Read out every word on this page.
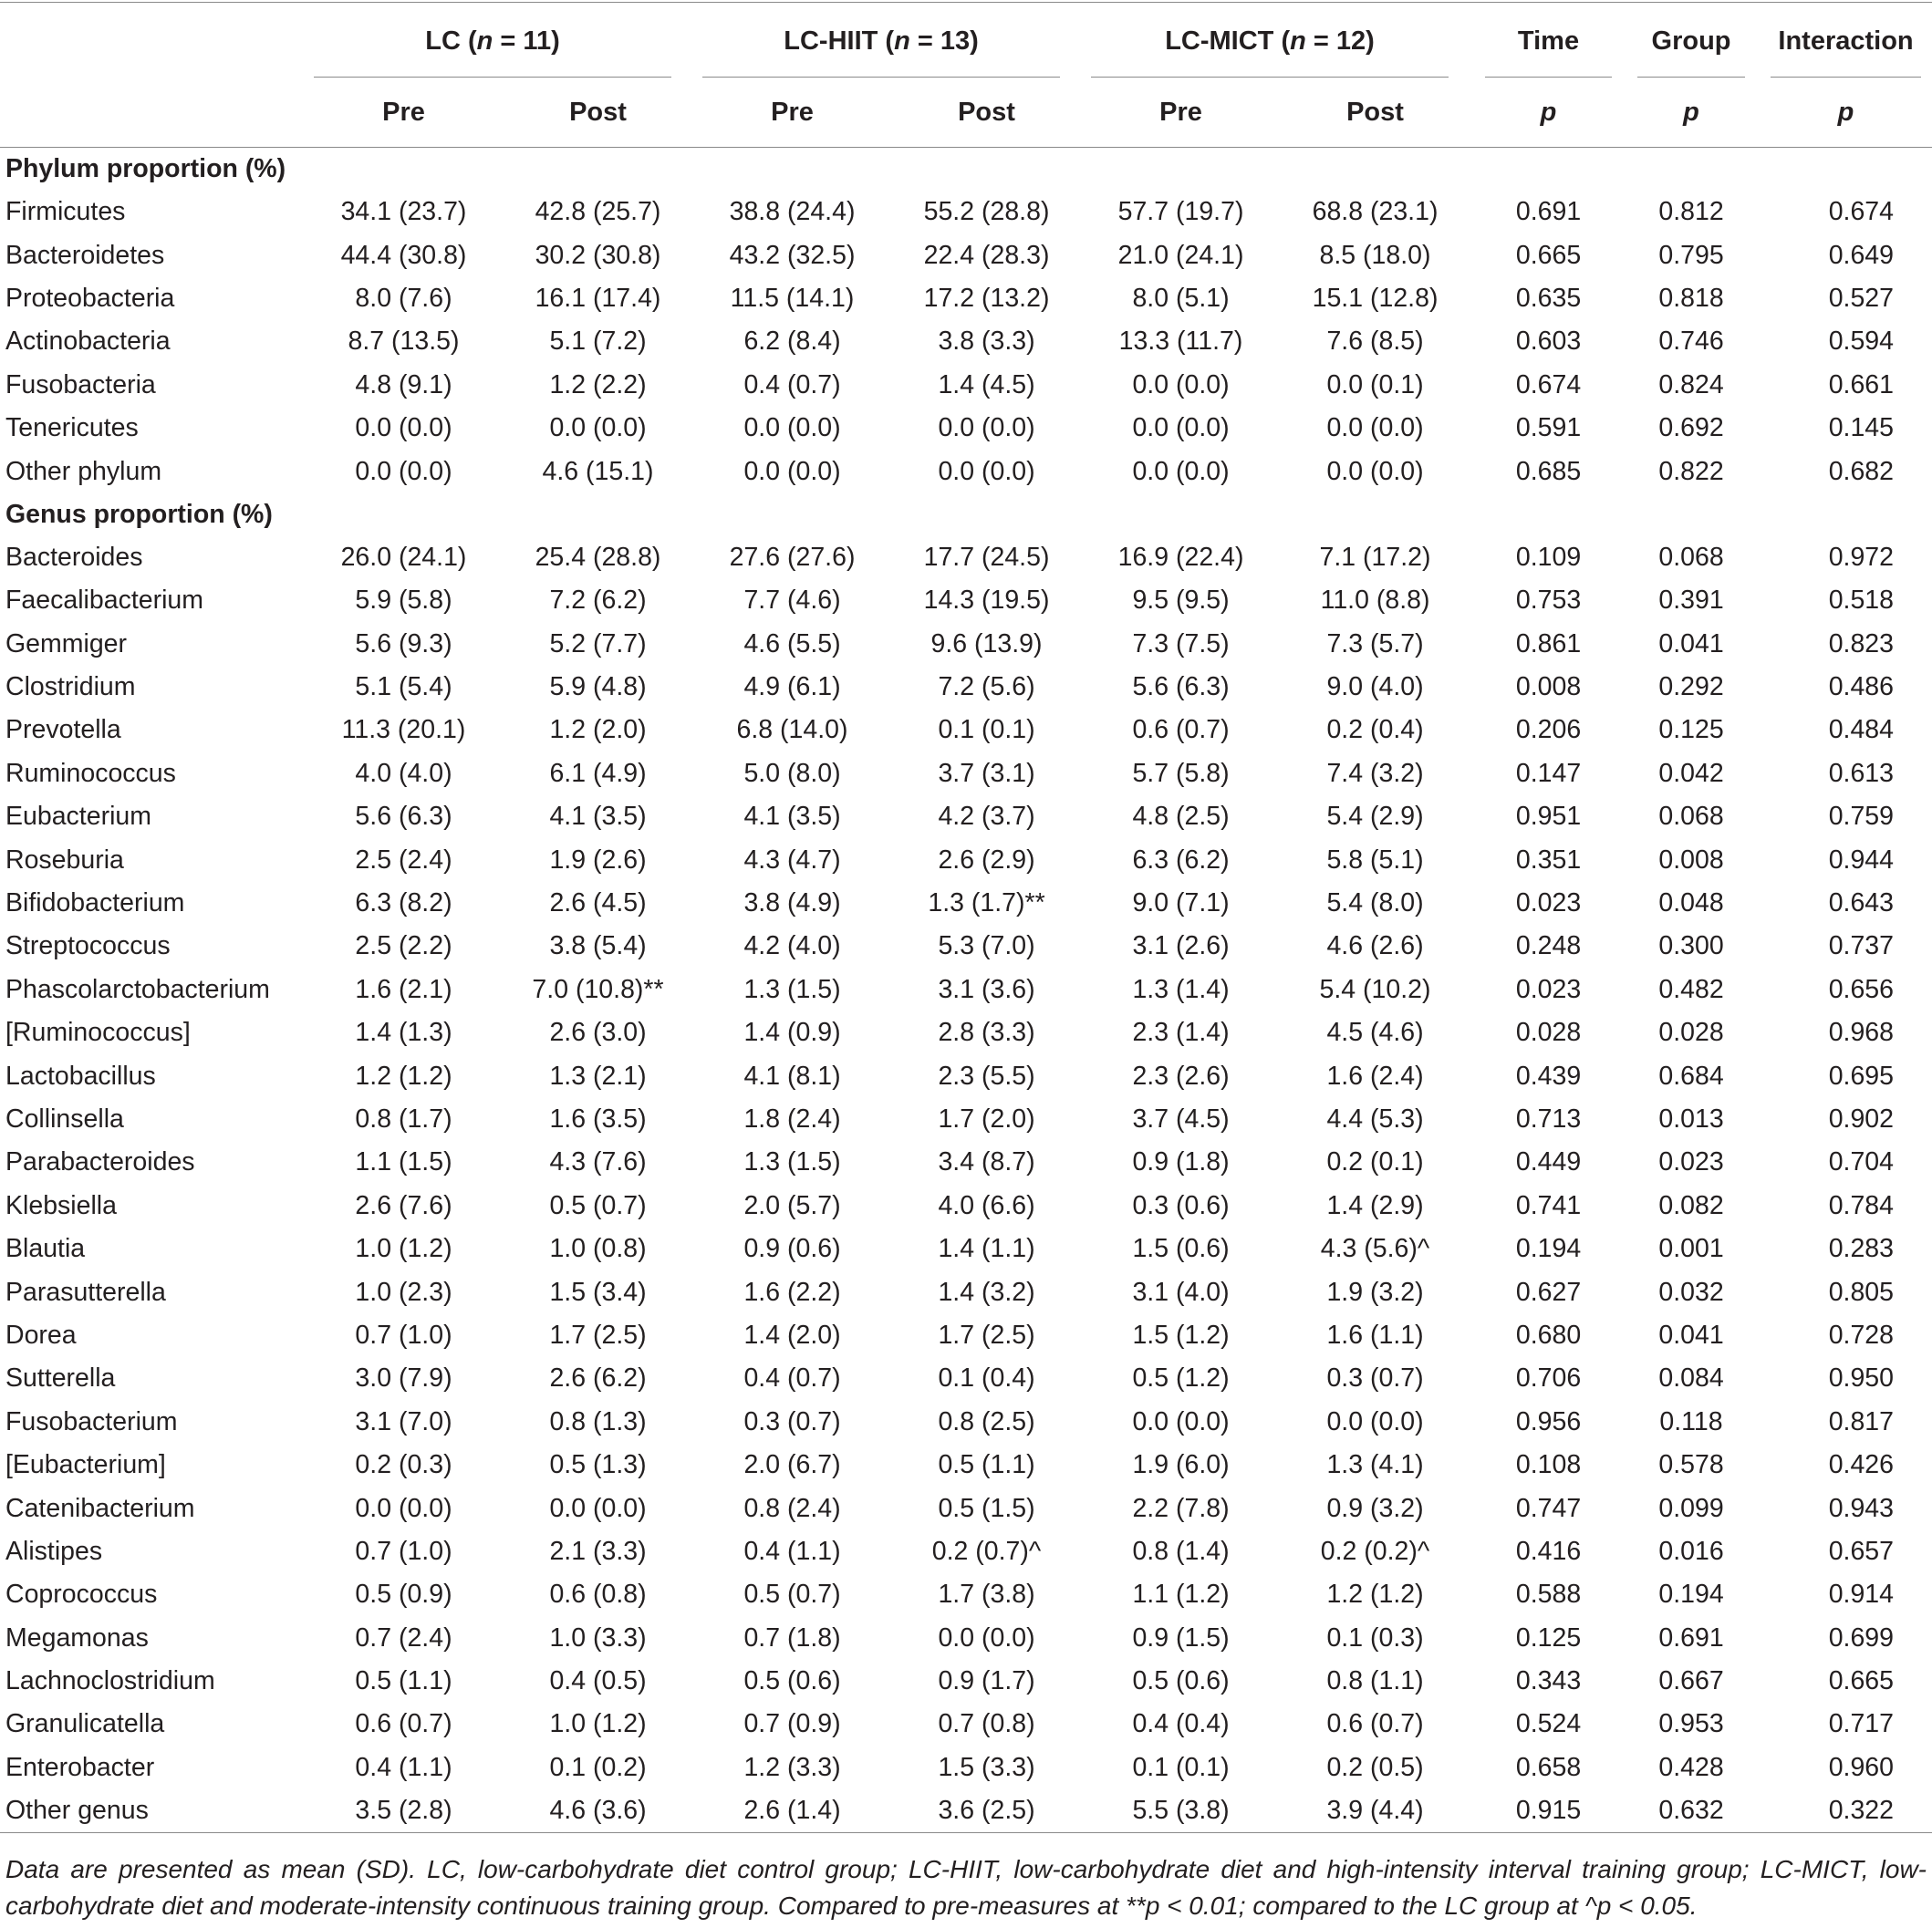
	LC (n = 11)		LC-HIIT (n = 13)		LC-MICT (n = 12)		Time	Group	Interaction

	Pre	Post	Pre	Post	Pre	Post	p	p	p
Phylum proportion (%)									
Firmicutes	34.1 (23.7)	42.8 (25.7)	38.8 (24.4)	55.2 (28.8)	57.7 (19.7)	68.8 (23.1)	0.691	0.812	0.674
Bacteroidetes	44.4 (30.8)	30.2 (30.8)	43.2 (32.5)	22.4 (28.3)	21.0 (24.1)	8.5 (18.0)	0.665	0.795	0.649
Proteobacteria	8.0 (7.6)	16.1 (17.4)	11.5 (14.1)	17.2 (13.2)	8.0 (5.1)	15.1 (12.8)	0.635	0.818	0.527
Actinobacteria	8.7 (13.5)	5.1 (7.2)	6.2 (8.4)	3.8 (3.3)	13.3 (11.7)	7.6 (8.5)	0.603	0.746	0.594
Fusobacteria	4.8 (9.1)	1.2 (2.2)	0.4 (0.7)	1.4 (4.5)	0.0 (0.0)	0.0 (0.1)	0.674	0.824	0.661
Tenericutes	0.0 (0.0)	0.0 (0.0)	0.0 (0.0)	0.0 (0.0)	0.0 (0.0)	0.0 (0.0)	0.591	0.692	0.145
Other phylum	0.0 (0.0)	4.6 (15.1)	0.0 (0.0)	0.0 (0.0)	0.0 (0.0)	0.0 (0.0)	0.685	0.822	0.682
Genus proportion (%)									
Bacteroides	26.0 (24.1)	25.4 (28.8)	27.6 (27.6)	17.7 (24.5)	16.9 (22.4)	7.1 (17.2)	0.109	0.068	0.972
Faecalibacterium	5.9 (5.8)	7.2 (6.2)	7.7 (4.6)	14.3 (19.5)	9.5 (9.5)	11.0 (8.8)	0.753	0.391	0.518
Gemmiger	5.6 (9.3)	5.2 (7.7)	4.6 (5.5)	9.6 (13.9)	7.3 (7.5)	7.3 (5.7)	0.861	0.041	0.823
Clostridium	5.1 (5.4)	5.9 (4.8)	4.9 (6.1)	7.2 (5.6)	5.6 (6.3)	9.0 (4.0)	0.008	0.292	0.486
Prevotella	11.3 (20.1)	1.2 (2.0)	6.8 (14.0)	0.1 (0.1)	0.6 (0.7)	0.2 (0.4)	0.206	0.125	0.484
Ruminococcus	4.0 (4.0)	6.1 (4.9)	5.0 (8.0)	3.7 (3.1)	5.7 (5.8)	7.4 (3.2)	0.147	0.042	0.613
Eubacterium	5.6 (6.3)	4.1 (3.5)	4.1 (3.5)	4.2 (3.7)	4.8 (2.5)	5.4 (2.9)	0.951	0.068	0.759
Roseburia	2.5 (2.4)	1.9 (2.6)	4.3 (4.7)	2.6 (2.9)	6.3 (6.2)	5.8 (5.1)	0.351	0.008	0.944
Bifidobacterium	6.3 (8.2)	2.6 (4.5)	3.8 (4.9)	1.3 (1.7)**	9.0 (7.1)	5.4 (8.0)	0.023	0.048	0.643
Streptococcus	2.5 (2.2)	3.8 (5.4)	4.2 (4.0)	5.3 (7.0)	3.1 (2.6)	4.6 (2.6)	0.248	0.300	0.737
Phascolarctobacterium	1.6 (2.1)	7.0 (10.8)**	1.3 (1.5)	3.1 (3.6)	1.3 (1.4)	5.4 (10.2)	0.023	0.482	0.656
[Ruminococcus]	1.4 (1.3)	2.6 (3.0)	1.4 (0.9)	2.8 (3.3)	2.3 (1.4)	4.5 (4.6)	0.028	0.028	0.968
Lactobacillus	1.2 (1.2)	1.3 (2.1)	4.1 (8.1)	2.3 (5.5)	2.3 (2.6)	1.6 (2.4)	0.439	0.684	0.695
Collinsella	0.8 (1.7)	1.6 (3.5)	1.8 (2.4)	1.7 (2.0)	3.7 (4.5)	4.4 (5.3)	0.713	0.013	0.902
Parabacteroides	1.1 (1.5)	4.3 (7.6)	1.3 (1.5)	3.4 (8.7)	0.9 (1.8)	0.2 (0.1)	0.449	0.023	0.704
Klebsiella	2.6 (7.6)	0.5 (0.7)	2.0 (5.7)	4.0 (6.6)	0.3 (0.6)	1.4 (2.9)	0.741	0.082	0.784
Blautia	1.0 (1.2)	1.0 (0.8)	0.9 (0.6)	1.4 (1.1)	1.5 (0.6)	4.3 (5.6)^	0.194	0.001	0.283
Parasutterella	1.0 (2.3)	1.5 (3.4)	1.6 (2.2)	1.4 (3.2)	3.1 (4.0)	1.9 (3.2)	0.627	0.032	0.805
Dorea	0.7 (1.0)	1.7 (2.5)	1.4 (2.0)	1.7 (2.5)	1.5 (1.2)	1.6 (1.1)	0.680	0.041	0.728
Sutterella	3.0 (7.9)	2.6 (6.2)	0.4 (0.7)	0.1 (0.4)	0.5 (1.2)	0.3 (0.7)	0.706	0.084	0.950
Fusobacterium	3.1 (7.0)	0.8 (1.3)	0.3 (0.7)	0.8 (2.5)	0.0 (0.0)	0.0 (0.0)	0.956	0.118	0.817
[Eubacterium]	0.2 (0.3)	0.5 (1.3)	2.0 (6.7)	0.5 (1.1)	1.9 (6.0)	1.3 (4.1)	0.108	0.578	0.426
Catenibacterium	0.0 (0.0)	0.0 (0.0)	0.8 (2.4)	0.5 (1.5)	2.2 (7.8)	0.9 (3.2)	0.747	0.099	0.943
Alistipes	0.7 (1.0)	2.1 (3.3)	0.4 (1.1)	0.2 (0.7)^	0.8 (1.4)	0.2 (0.2)^	0.416	0.016	0.657
Coprococcus	0.5 (0.9)	0.6 (0.8)	0.5 (0.7)	1.7 (3.8)	1.1 (1.2)	1.2 (1.2)	0.588	0.194	0.914
Megamonas	0.7 (2.4)	1.0 (3.3)	0.7 (1.8)	0.0 (0.0)	0.9 (1.5)	0.1 (0.3)	0.125	0.691	0.699
Lachnoclostridium	0.5 (1.1)	0.4 (0.5)	0.5 (0.6)	0.9 (1.7)	0.5 (0.6)	0.8 (1.1)	0.343	0.667	0.665
Granulicatella	0.6 (0.7)	1.0 (1.2)	0.7 (0.9)	0.7 (0.8)	0.4 (0.4)	0.6 (0.7)	0.524	0.953	0.717
Enterobacter	0.4 (1.1)	0.1 (0.2)	1.2 (3.3)	1.5 (3.3)	0.1 (0.1)	0.2 (0.5)	0.658	0.428	0.960
Other genus	3.5 (2.8)	4.6 (3.6)	2.6 (1.4)	3.6 (2.5)	5.5 (3.8)	3.9 (4.4)	0.915	0.632	0.322
Data are presented as mean (SD). LC, low-carbohydrate diet control group; LC-HIIT, low-carbohydrate diet and high-intensity interval training group; LC-MICT, low-carbohydrate diet and moderate-intensity continuous training group. Compared to pre-measures at **p < 0.01; compared to the LC group at ^p < 0.05.
